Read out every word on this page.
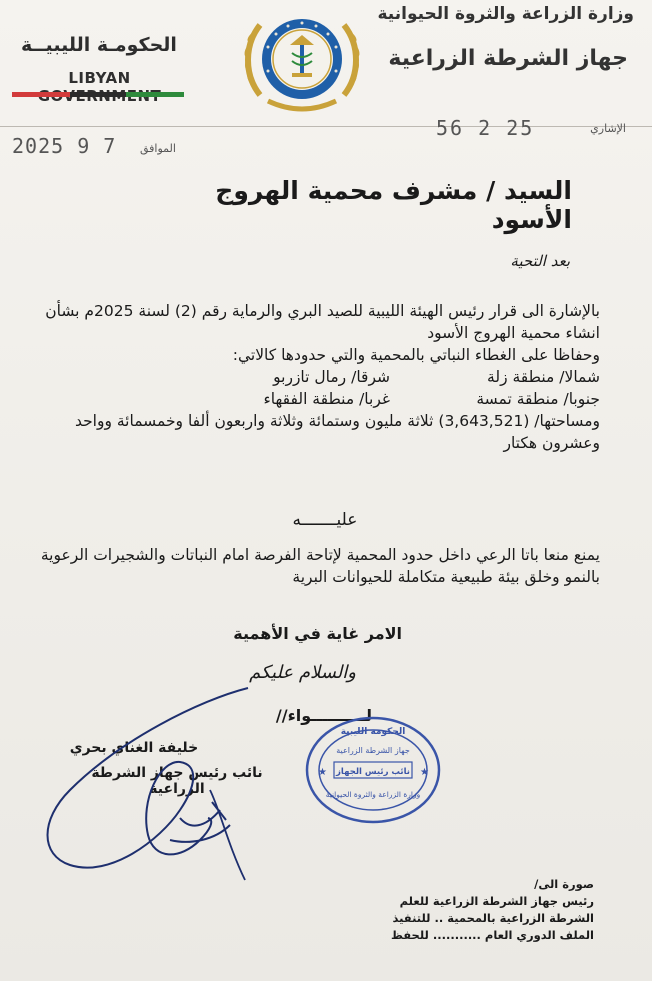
الحكومـة الليبيــة
LIBYAN
وزارة الزراعة والثروة الحيوانية
جهاز الشرطة الزراعية
الإشاري
56 2 25
2025 9 7	الموافق
السيد / مشرف محمية الهروج الأسود
بعد التحية
بالإشارة الى قرار رئيس الهيئة الليبية للصيد البري والرماية رقم (2) لسنة 2025م بشأن انشاء محمية الهروج الأسود
وحفاظا على الغطاء النباتي بالمحمية والتي حدودها كالاتي:
شمالا/ منطقة زلة
شرقا/ رمال تازربو
جنوبا/ منطقة تمسة
غربا/ منطقة الفقهاء
ومساحتها/ (3,643,521) ثلاثة مليون وستمائة وثلاثة واربعون ألفا وخمسمائة وواحد وعشرون هكتار
عليـــــــه
يمنع منعا باتا الرعي داخل حدود المحمية لإتاحة الفرصة امام النباتات والشجيرات الرعوية بالنمو وخلق بيئة طبيعية متكاملة للحيوانات البرية
الامر غاية في الأهمية
والسلام عليكم
لــــــــــواء//
خليفة الغناي بحري
نائب رئيس جهاز الشرطة الزراعية
الحكومة الليبية
جهاز الشرطة الزراعية
نائب رئيس الجهاز
وزارة الزراعة والثروة الحيوانية
★	★
صورة الى/
رئيس جهاز الشرطة الزراعية للعلم
الشرطة الزراعية بالمحمية .. للتنفيذ
الملف الدوري العام ........... للحفظ
